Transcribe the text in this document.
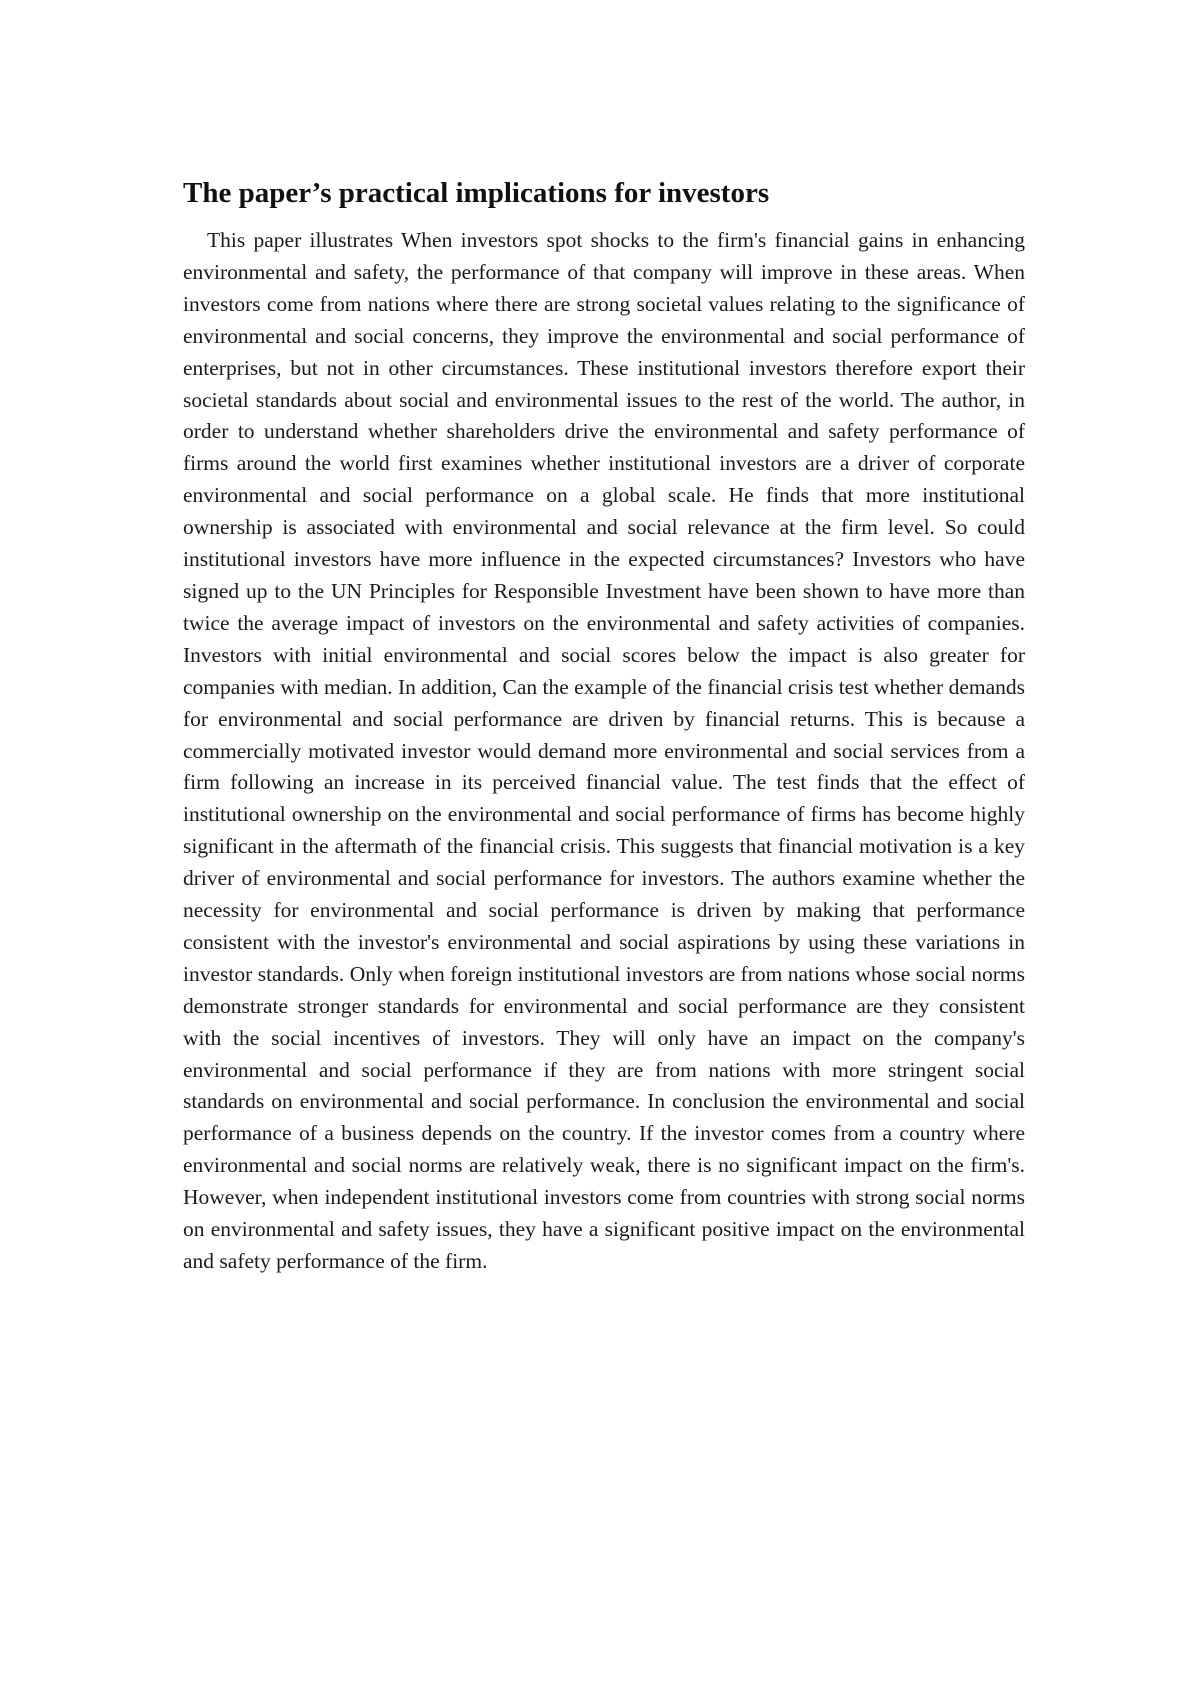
The paper’s practical implications for investors

This paper illustrates When investors spot shocks to the firm's financial gains in enhancing environmental and safety, the performance of that company will improve in these areas. When investors come from nations where there are strong societal values relating to the significance of environmental and social concerns, they improve the environmental and social performance of enterprises, but not in other circumstances. These institutional investors therefore export their societal standards about social and environmental issues to the rest of the world. The author, in order to understand whether shareholders drive the environmental and safety performance of firms around the world first examines whether institutional investors are a driver of corporate environmental and social performance on a global scale. He finds that more institutional ownership is associated with environmental and social relevance at the firm level. So could institutional investors have more influence in the expected circumstances? Investors who have signed up to the UN Principles for Responsible Investment have been shown to have more than twice the average impact of investors on the environmental and safety activities of companies. Investors with initial environmental and social scores below the impact is also greater for companies with median. In addition, Can the example of the financial crisis test whether demands for environmental and social performance are driven by financial returns. This is because a commercially motivated investor would demand more environmental and social services from a firm following an increase in its perceived financial value. The test finds that the effect of institutional ownership on the environmental and social performance of firms has become highly significant in the aftermath of the financial crisis. This suggests that financial motivation is a key driver of environmental and social performance for investors. The authors examine whether the necessity for environmental and social performance is driven by making that performance consistent with the investor's environmental and social aspirations by using these variations in investor standards. Only when foreign institutional investors are from nations whose social norms demonstrate stronger standards for environmental and social performance are they consistent with the social incentives of investors. They will only have an impact on the company's environmental and social performance if they are from nations with more stringent social standards on environmental and social performance. In conclusion the environmental and social performance of a business depends on the country. If the investor comes from a country where environmental and social norms are relatively weak, there is no significant impact on the firm's. However, when independent institutional investors come from countries with strong social norms on environmental and safety issues, they have a significant positive impact on the environmental and safety performance of the firm.
